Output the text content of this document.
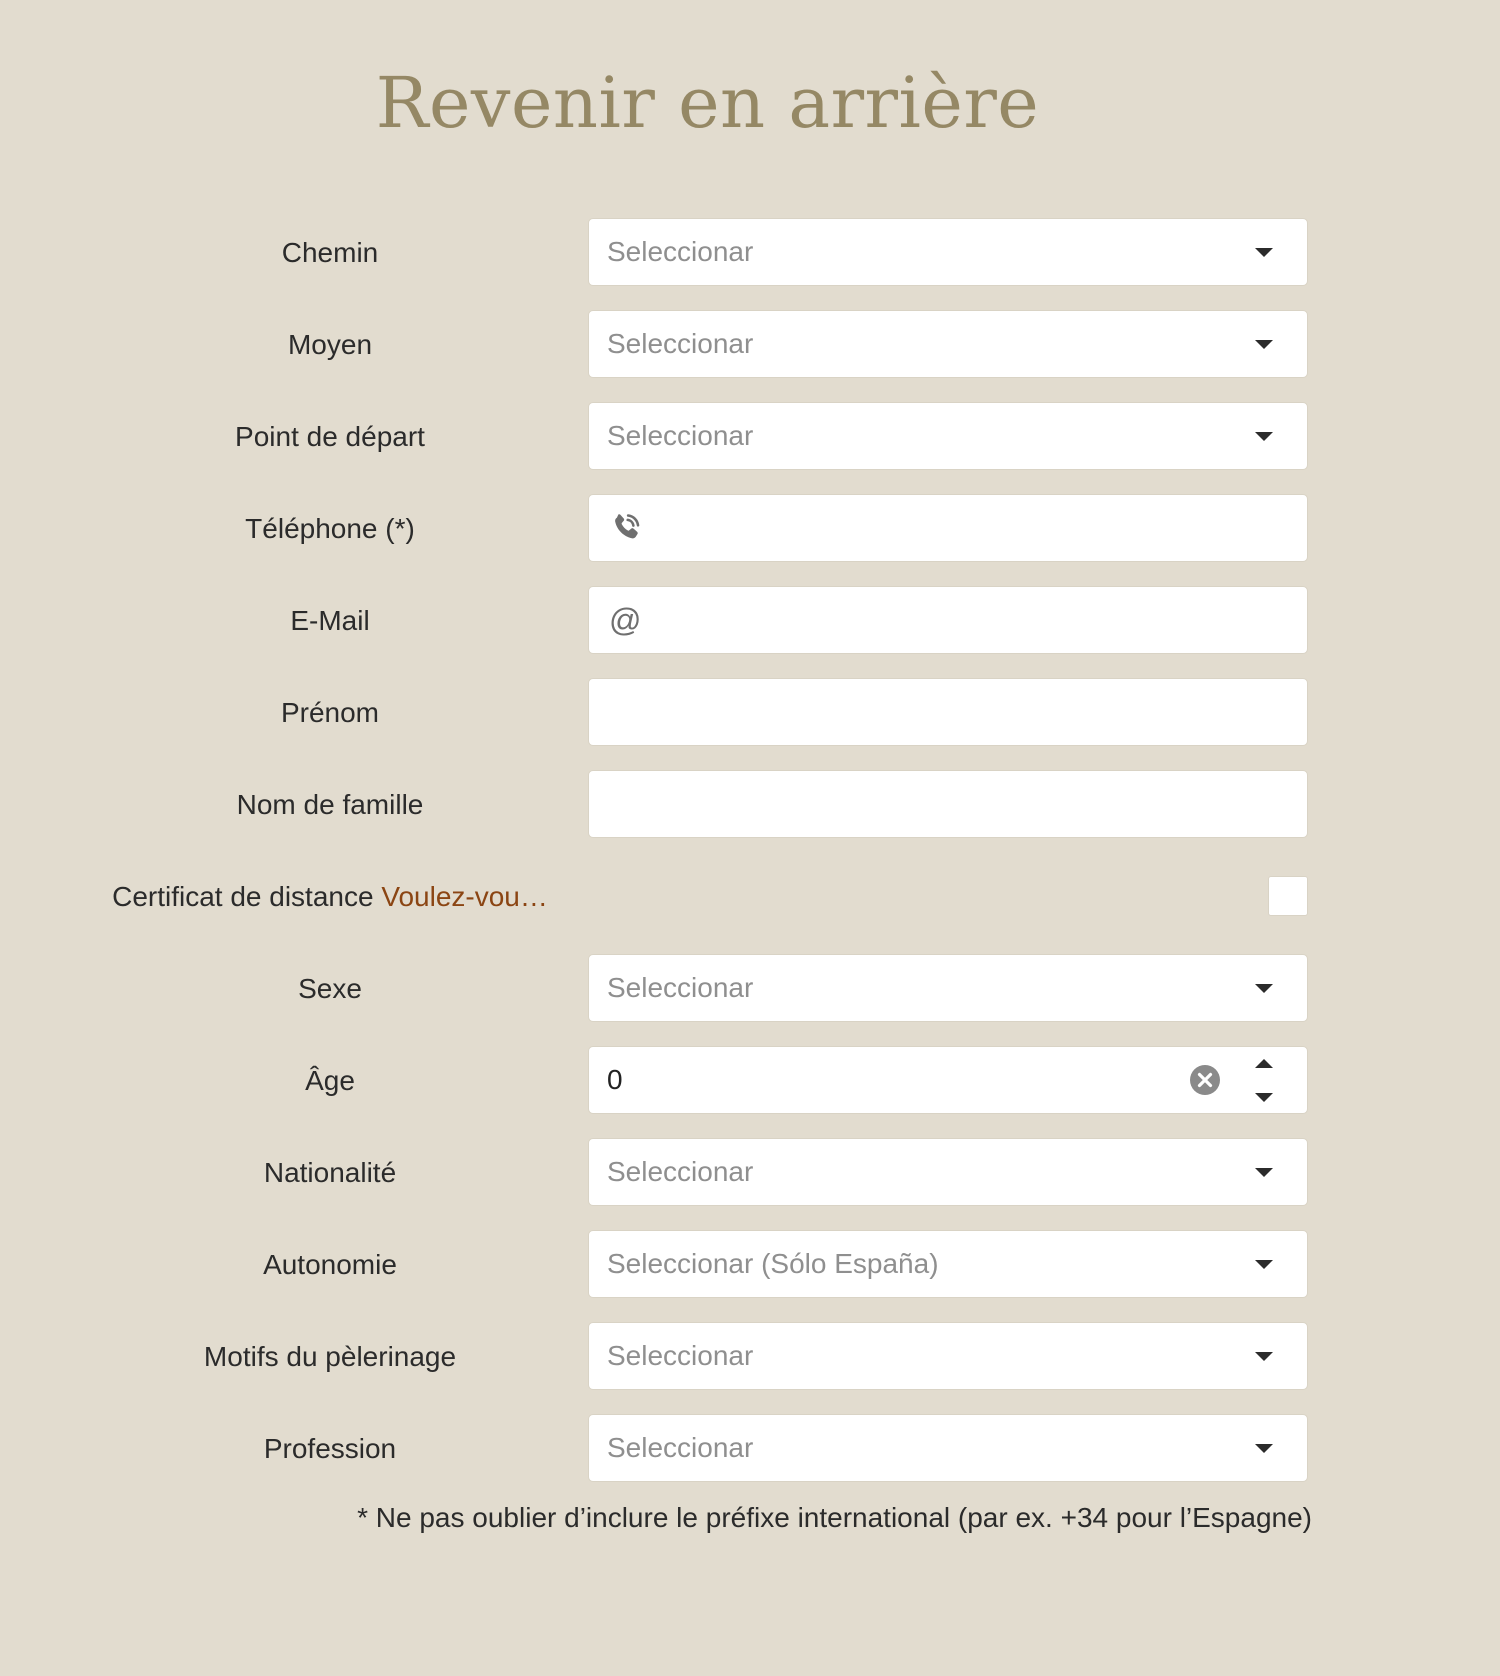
Revenir en arrière
Chemin	Seleccionar
Moyen	Seleccionar
Point de départ	Seleccionar
Téléphone (*)
E-Mail	@
Prénom
Nom de famille
Certificat de distance Voulez-vou…
Sexe	Seleccionar
Âge	0
Nationalité	Seleccionar
Autonomie	Seleccionar (Sólo España)
Motifs du pèlerinage	Seleccionar
Profession	Seleccionar
* Ne pas oublier d’inclure le préfixe international (par ex. +34 pour l’Espagne)
